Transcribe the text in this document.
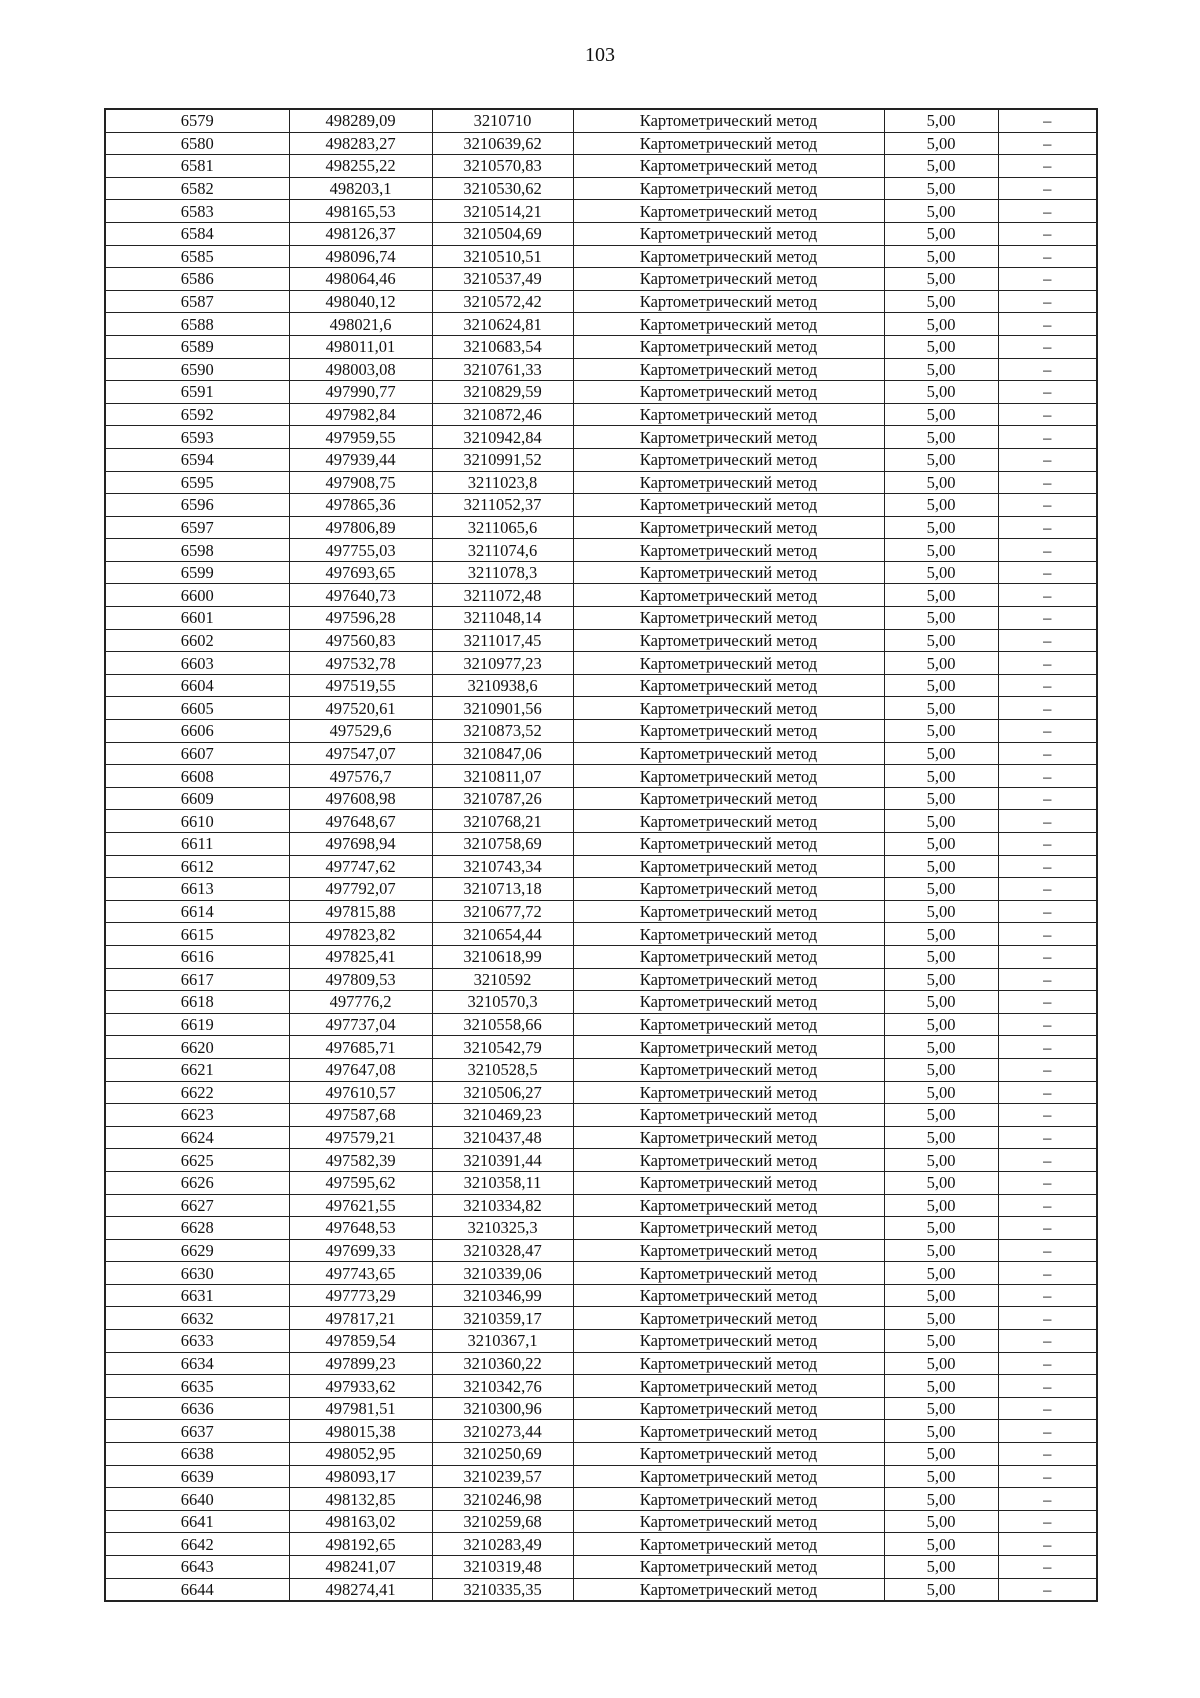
103
6579	498289,09	3210710	Картометрический метод	5,00	–
6580	498283,27	3210639,62	Картометрический метод	5,00	–
6581	498255,22	3210570,83	Картометрический метод	5,00	–
6582	498203,1	3210530,62	Картометрический метод	5,00	–
6583	498165,53	3210514,21	Картометрический метод	5,00	–
6584	498126,37	3210504,69	Картометрический метод	5,00	–
6585	498096,74	3210510,51	Картометрический метод	5,00	–
6586	498064,46	3210537,49	Картометрический метод	5,00	–
6587	498040,12	3210572,42	Картометрический метод	5,00	–
6588	498021,6	3210624,81	Картометрический метод	5,00	–
6589	498011,01	3210683,54	Картометрический метод	5,00	–
6590	498003,08	3210761,33	Картометрический метод	5,00	–
6591	497990,77	3210829,59	Картометрический метод	5,00	–
6592	497982,84	3210872,46	Картометрический метод	5,00	–
6593	497959,55	3210942,84	Картометрический метод	5,00	–
6594	497939,44	3210991,52	Картометрический метод	5,00	–
6595	497908,75	3211023,8	Картометрический метод	5,00	–
6596	497865,36	3211052,37	Картометрический метод	5,00	–
6597	497806,89	3211065,6	Картометрический метод	5,00	–
6598	497755,03	3211074,6	Картометрический метод	5,00	–
6599	497693,65	3211078,3	Картометрический метод	5,00	–
6600	497640,73	3211072,48	Картометрический метод	5,00	–
6601	497596,28	3211048,14	Картометрический метод	5,00	–
6602	497560,83	3211017,45	Картометрический метод	5,00	–
6603	497532,78	3210977,23	Картометрический метод	5,00	–
6604	497519,55	3210938,6	Картометрический метод	5,00	–
6605	497520,61	3210901,56	Картометрический метод	5,00	–
6606	497529,6	3210873,52	Картометрический метод	5,00	–
6607	497547,07	3210847,06	Картометрический метод	5,00	–
6608	497576,7	3210811,07	Картометрический метод	5,00	–
6609	497608,98	3210787,26	Картометрический метод	5,00	–
6610	497648,67	3210768,21	Картометрический метод	5,00	–
6611	497698,94	3210758,69	Картометрический метод	5,00	–
6612	497747,62	3210743,34	Картометрический метод	5,00	–
6613	497792,07	3210713,18	Картометрический метод	5,00	–
6614	497815,88	3210677,72	Картометрический метод	5,00	–
6615	497823,82	3210654,44	Картометрический метод	5,00	–
6616	497825,41	3210618,99	Картометрический метод	5,00	–
6617	497809,53	3210592	Картометрический метод	5,00	–
6618	497776,2	3210570,3	Картометрический метод	5,00	–
6619	497737,04	3210558,66	Картометрический метод	5,00	–
6620	497685,71	3210542,79	Картометрический метод	5,00	–
6621	497647,08	3210528,5	Картометрический метод	5,00	–
6622	497610,57	3210506,27	Картометрический метод	5,00	–
6623	497587,68	3210469,23	Картометрический метод	5,00	–
6624	497579,21	3210437,48	Картометрический метод	5,00	–
6625	497582,39	3210391,44	Картометрический метод	5,00	–
6626	497595,62	3210358,11	Картометрический метод	5,00	–
6627	497621,55	3210334,82	Картометрический метод	5,00	–
6628	497648,53	3210325,3	Картометрический метод	5,00	–
6629	497699,33	3210328,47	Картометрический метод	5,00	–
6630	497743,65	3210339,06	Картометрический метод	5,00	–
6631	497773,29	3210346,99	Картометрический метод	5,00	–
6632	497817,21	3210359,17	Картометрический метод	5,00	–
6633	497859,54	3210367,1	Картометрический метод	5,00	–
6634	497899,23	3210360,22	Картометрический метод	5,00	–
6635	497933,62	3210342,76	Картометрический метод	5,00	–
6636	497981,51	3210300,96	Картометрический метод	5,00	–
6637	498015,38	3210273,44	Картометрический метод	5,00	–
6638	498052,95	3210250,69	Картометрический метод	5,00	–
6639	498093,17	3210239,57	Картометрический метод	5,00	–
6640	498132,85	3210246,98	Картометрический метод	5,00	–
6641	498163,02	3210259,68	Картометрический метод	5,00	–
6642	498192,65	3210283,49	Картометрический метод	5,00	–
6643	498241,07	3210319,48	Картометрический метод	5,00	–
6644	498274,41	3210335,35	Картометрический метод	5,00	–
